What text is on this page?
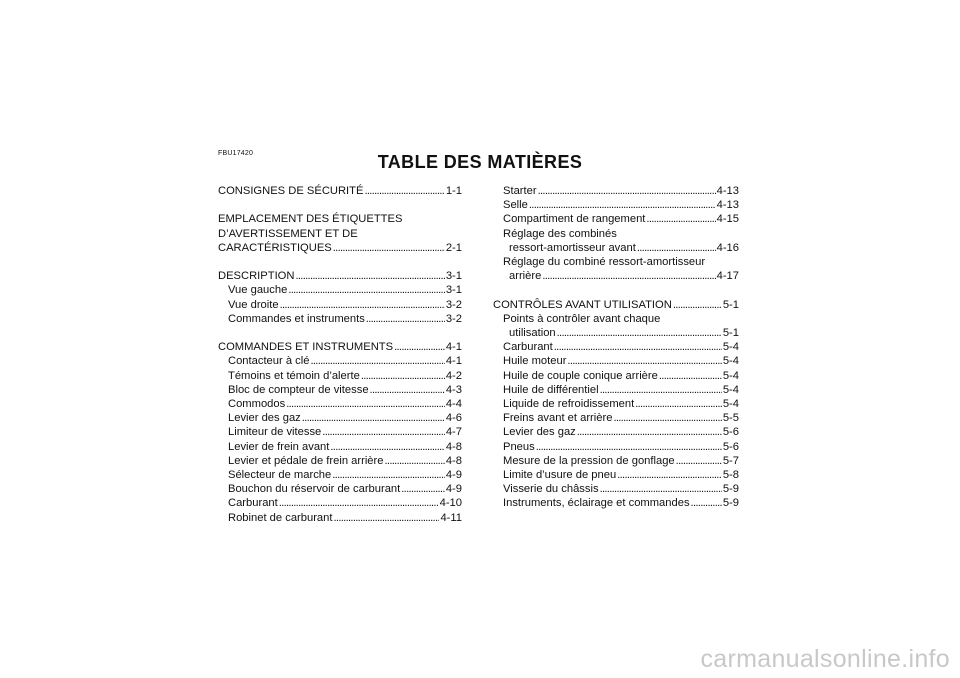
FBU17420	TABLE DES MATIÈRES
CONSIGNES DE SÉCURITÉ . . .	1-1
EMPLACEMENT DES ÉTIQUETTES
D’AVERTISSEMENT ET DE
CARACTÉRISTIQUES . . .	2-1
DESCRIPTION . . .	3-1
Vue gauche . . .	3-1
Vue droite . . .	3-2
Commandes et instruments . . .	3-2
COMMANDES ET INSTRUMENTS . . .	4-1
Contacteur à clé . . .	4-1
Témoins et témoin d’alerte . . .	4-2
Bloc de compteur de vitesse . . .	4-3
Commodos . . .	4-4
Levier des gaz . . .	4-6
Limiteur de vitesse . . .	4-7
Levier de frein avant . . .	4-8
Levier et pédale de frein arrière . . .	4-8
Sélecteur de marche . . .	4-9
Bouchon du réservoir de carburant . . .	4-9
Carburant . . .	4-10
Robinet de carburant . . .	4-11
Starter . . .	4-13
Selle . . .	4-13
Compartiment de rangement . . .	4-15
Réglage des combinés
ressort-amortisseur avant . . .	4-16
Réglage du combiné ressort-amortisseur
arrière . . .	4-17
CONTRÔLES AVANT UTILISATION . . .	5-1
Points à contrôler avant chaque
utilisation . . .	5-1
Carburant . . .	5-4
Huile moteur . . .	5-4
Huile de couple conique arrière . . .	5-4
Huile de différentiel . . .	5-4
Liquide de refroidissement . . .	5-4
Freins avant et arrière . . .	5-5
Levier des gaz . . .	5-6
Pneus . . .	5-6
Mesure de la pression de gonflage . . .	5-7
Limite d’usure de pneu . . .	5-8
Visserie du châssis . . .	5-9
Instruments, éclairage et commandes . . .	5-9
carmanualsonline.info
